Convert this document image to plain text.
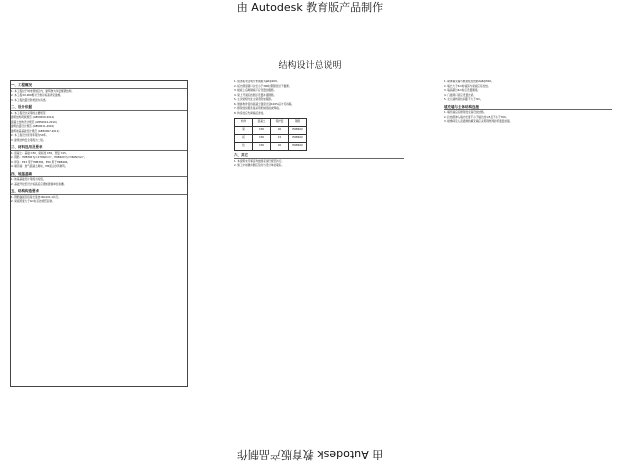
由 Autodesk 教育版产品制作
结构设计总说明
一、工程概况
1. 本工程位于城市规划区内，建筑物为多层框架结构。
2. 本工程±0.000相对于绝对标高详见建施。
3. 本工程抗震设防类别为丙类。
二、设计依据
1. 本工程设计采用的主要规范：
建筑结构荷载规范 (GB50009-2012)
混凝土结构设计规范 (GB50010-2010)
建筑抗震设计规范 (GB50011-2010)
建筑地基基础设计规范 (GB50007-2011)
2. 本工程设计使用年限为50年。
3. 建筑结构安全等级为二级。
三、材料选用及要求
1. 混凝土：基础 C30，梁板柱 C30，垫层 C15。
2. 钢筋：HPB300 fy=270N/mm²，HRB400 fy=360N/mm²。
3. 焊条：E43 用于HPB300，E50 用于HRB400。
4. 填充墙：加气混凝土砌块，M5混合砂浆砌筑。
四、地基基础
1. 地基基础设计等级为丙级。
2. 基础开挖至设计标高后应通知勘察单位验槽。
五、结构构造要求
1. 钢筋锚固及搭接长度按16G101-1执行。
2. 梁板跨度大于4m时应按规范起拱。
1. 现浇板未注明分布钢筋为φ6@200。
2. 板内预留洞口边长小于300时钢筋绕过不截断。
3. 楼板上后砌隔墙下应设置加强筋。
4. 梁上开洞应按图示设置补强钢筋。
5. 主次梁相交处主梁设附加箍筋。
6. 悬挑构件需待混凝土强度达到100%后方可拆模。
7. 框架柱纵筋连接采用机械连接或焊接。
8. 构造柱应先砌墙后浇柱。
构件	混凝土	保护层	钢筋
梁	C30	20	HRB400
板	C30	15	HRB400
柱	C30	20	HRB400
六、其它
1. 本说明未尽事宜均按国家现行规范执行。
2. 施工中如遇问题应及时与设计单位联系。
1. 砌体填充墙与框架柱拉结筋2φ6@500。
2. 墙长大于5m时墙顶与梁板应有拉结。
3. 墙高超过4m时应设置圈梁。
4. 门窗洞口顶应设置过梁。
5. 女儿墙构造柱间距不大于3m。
填充墙与主体结构连接
1. 填充墙应沿框架柱全高设拉结筋。
2. 拉结筋伸入墙内长度不小于墙长的1/5且不小于700。
3. 楼梯间及人流通道的填充墙应采用钢丝网砂浆面层加强。
由 Autodesk 教育版产品制作
